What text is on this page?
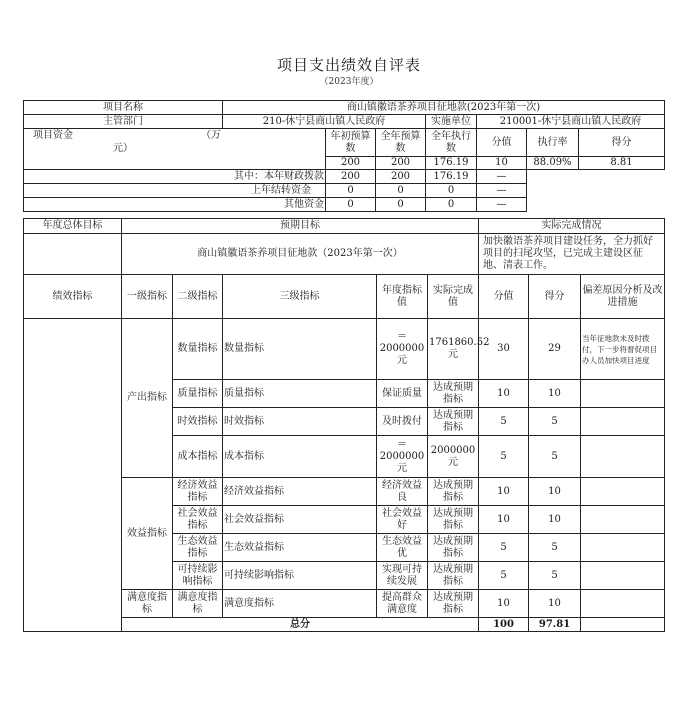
项目支出绩效自评表
（2023年度）
项目名称	商山镇徽语茶养项目征地款(2023年第一次)						
主管部门	210-休宁县商山镇人民政府			实施单位	210001-休宁县商山镇人民政府		

项目资金 （万
元）		年初预算数	全年预算数	全年执行数	分值	执行率	得分
		200	200	176.19	10	88.09%	8.81
其中：本年财政拨款		200	200	176.19	—		
上年结转资金		0	0	0	—		
其他资金		0	0	0	—		
年度总体目标	预期目标					实际完成情况		
	商山镇徽语茶养项目征地款（2023年第一次）					加快徽语茶养项目建设任务，全力抓好项目的扫尾攻坚，已完成主建设区征地、清表工作。		
绩效指标	一级指标	二级指标	三级指标	年度指标值	实际完成值	分值	得分	偏差原因分析及改进措施
	产出指标	数量指标	数量指标	＝2000000元	1761860.52元	30	29	当年征地款未及时拨付，下一步将督促项目办人员加快项目进度
		质量指标	质量指标	保证质量	达成预期指标	10	10	
		时效指标	时效指标	及时拨付	达成预期指标	5	5	
		成本指标	成本指标	＝2000000元	2000000元	5	5	
	效益指标	经济效益指标	经济效益指标	经济效益良	达成预期指标	10	10	
		社会效益指标	社会效益指标	社会效益好	达成预期指标	10	10	
		生态效益指标	生态效益指标	生态效益优	达成预期指标	5	5	
		可持续影响指标	可持续影响指标	实现可持续发展	达成预期指标	5	5	
	满意度指标	满意度指标	满意度指标	提高群众满意度	达成预期指标	10	10	
	总分					100	97.81	
